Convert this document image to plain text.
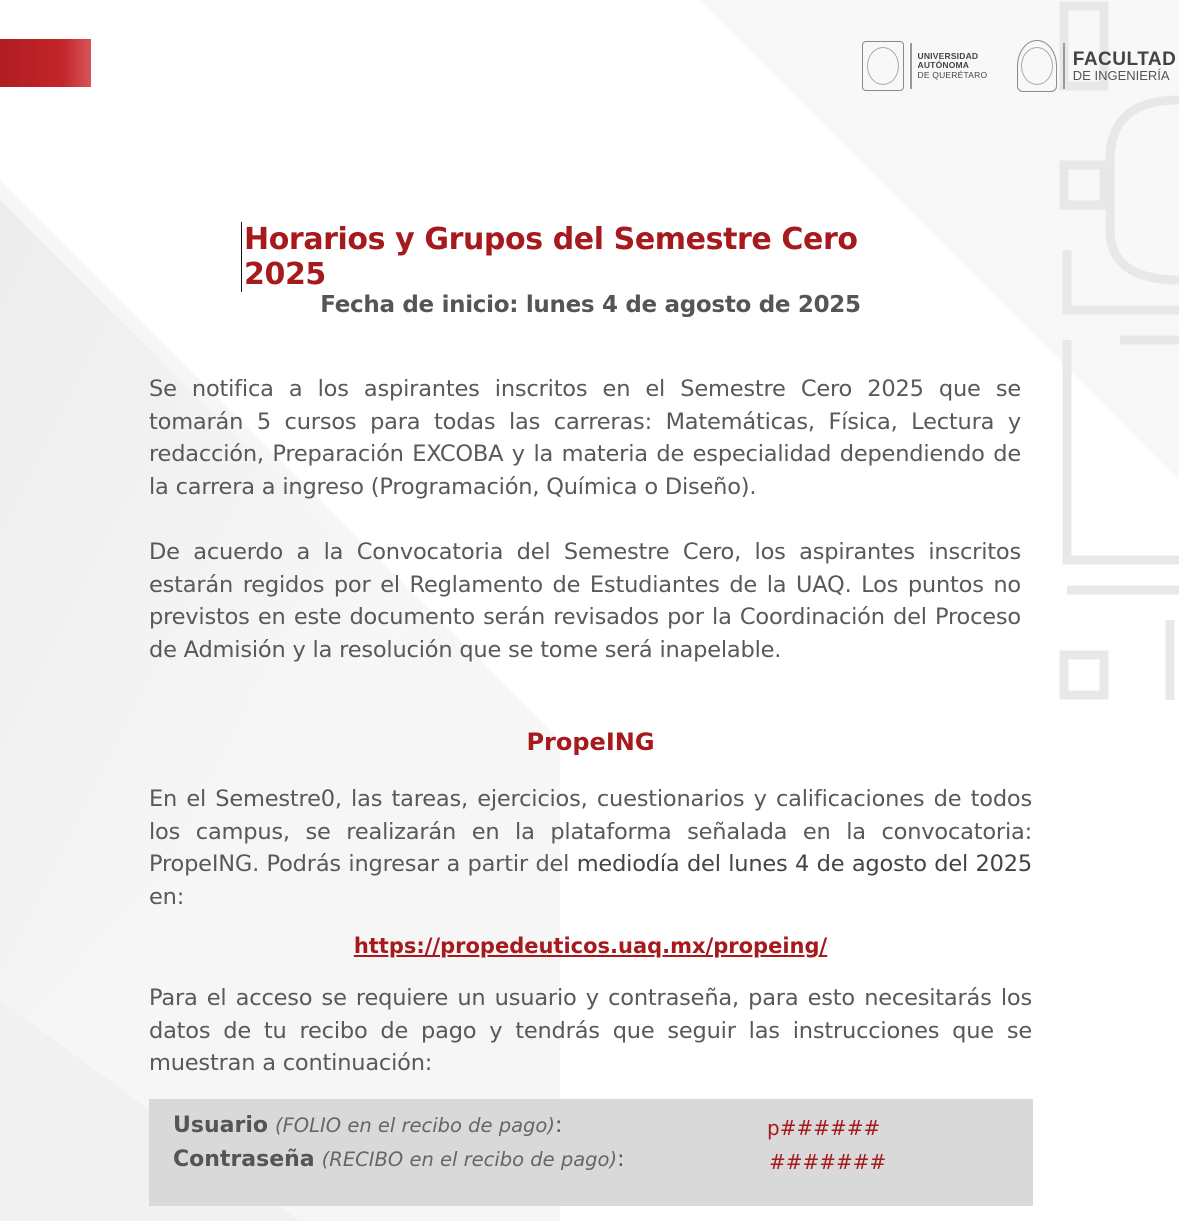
UNIVERSIDAD
AUTÓNOMA
DE QUERÉTARO
FACULTAD
DE INGENIERÍA
Horarios y Grupos del Semestre Cero 2025
Fecha de inicio: lunes 4 de agosto de 2025
Se notifica a los aspirantes inscritos en el Semestre Cero 2025 que se tomarán 5 cursos para todas las carreras: Matemáticas, Física, Lectura y redacción, Preparación EXCOBA y la materia de especialidad dependiendo de la carrera a ingreso (Programación, Química o Diseño).
De acuerdo a la Convocatoria del Semestre Cero, los aspirantes inscritos estarán regidos por el Reglamento de Estudiantes de la UAQ. Los puntos no previstos en este documento serán revisados por la Coordinación del Proceso de Admisión y la resolución que se tome será inapelable.
PropeING
En el Semestre0, las tareas, ejercicios, cuestionarios y calificaciones de todos los campus, se realizarán en la plataforma señalada en la convocatoria: PropeING. Podrás ingresar a partir del mediodía del lunes 4 de agosto del 2025 en:
https://propedeuticos.uaq.mx/propeing/
Para el acceso se requiere un usuario y contraseña, para esto necesitarás los datos de tu recibo de pago y tendrás que seguir las instrucciones que se muestran a continuación:
Usuario (FOLIO en el recibo de pago):	p######
Contraseña (RECIBO en el recibo de pago):	#######
